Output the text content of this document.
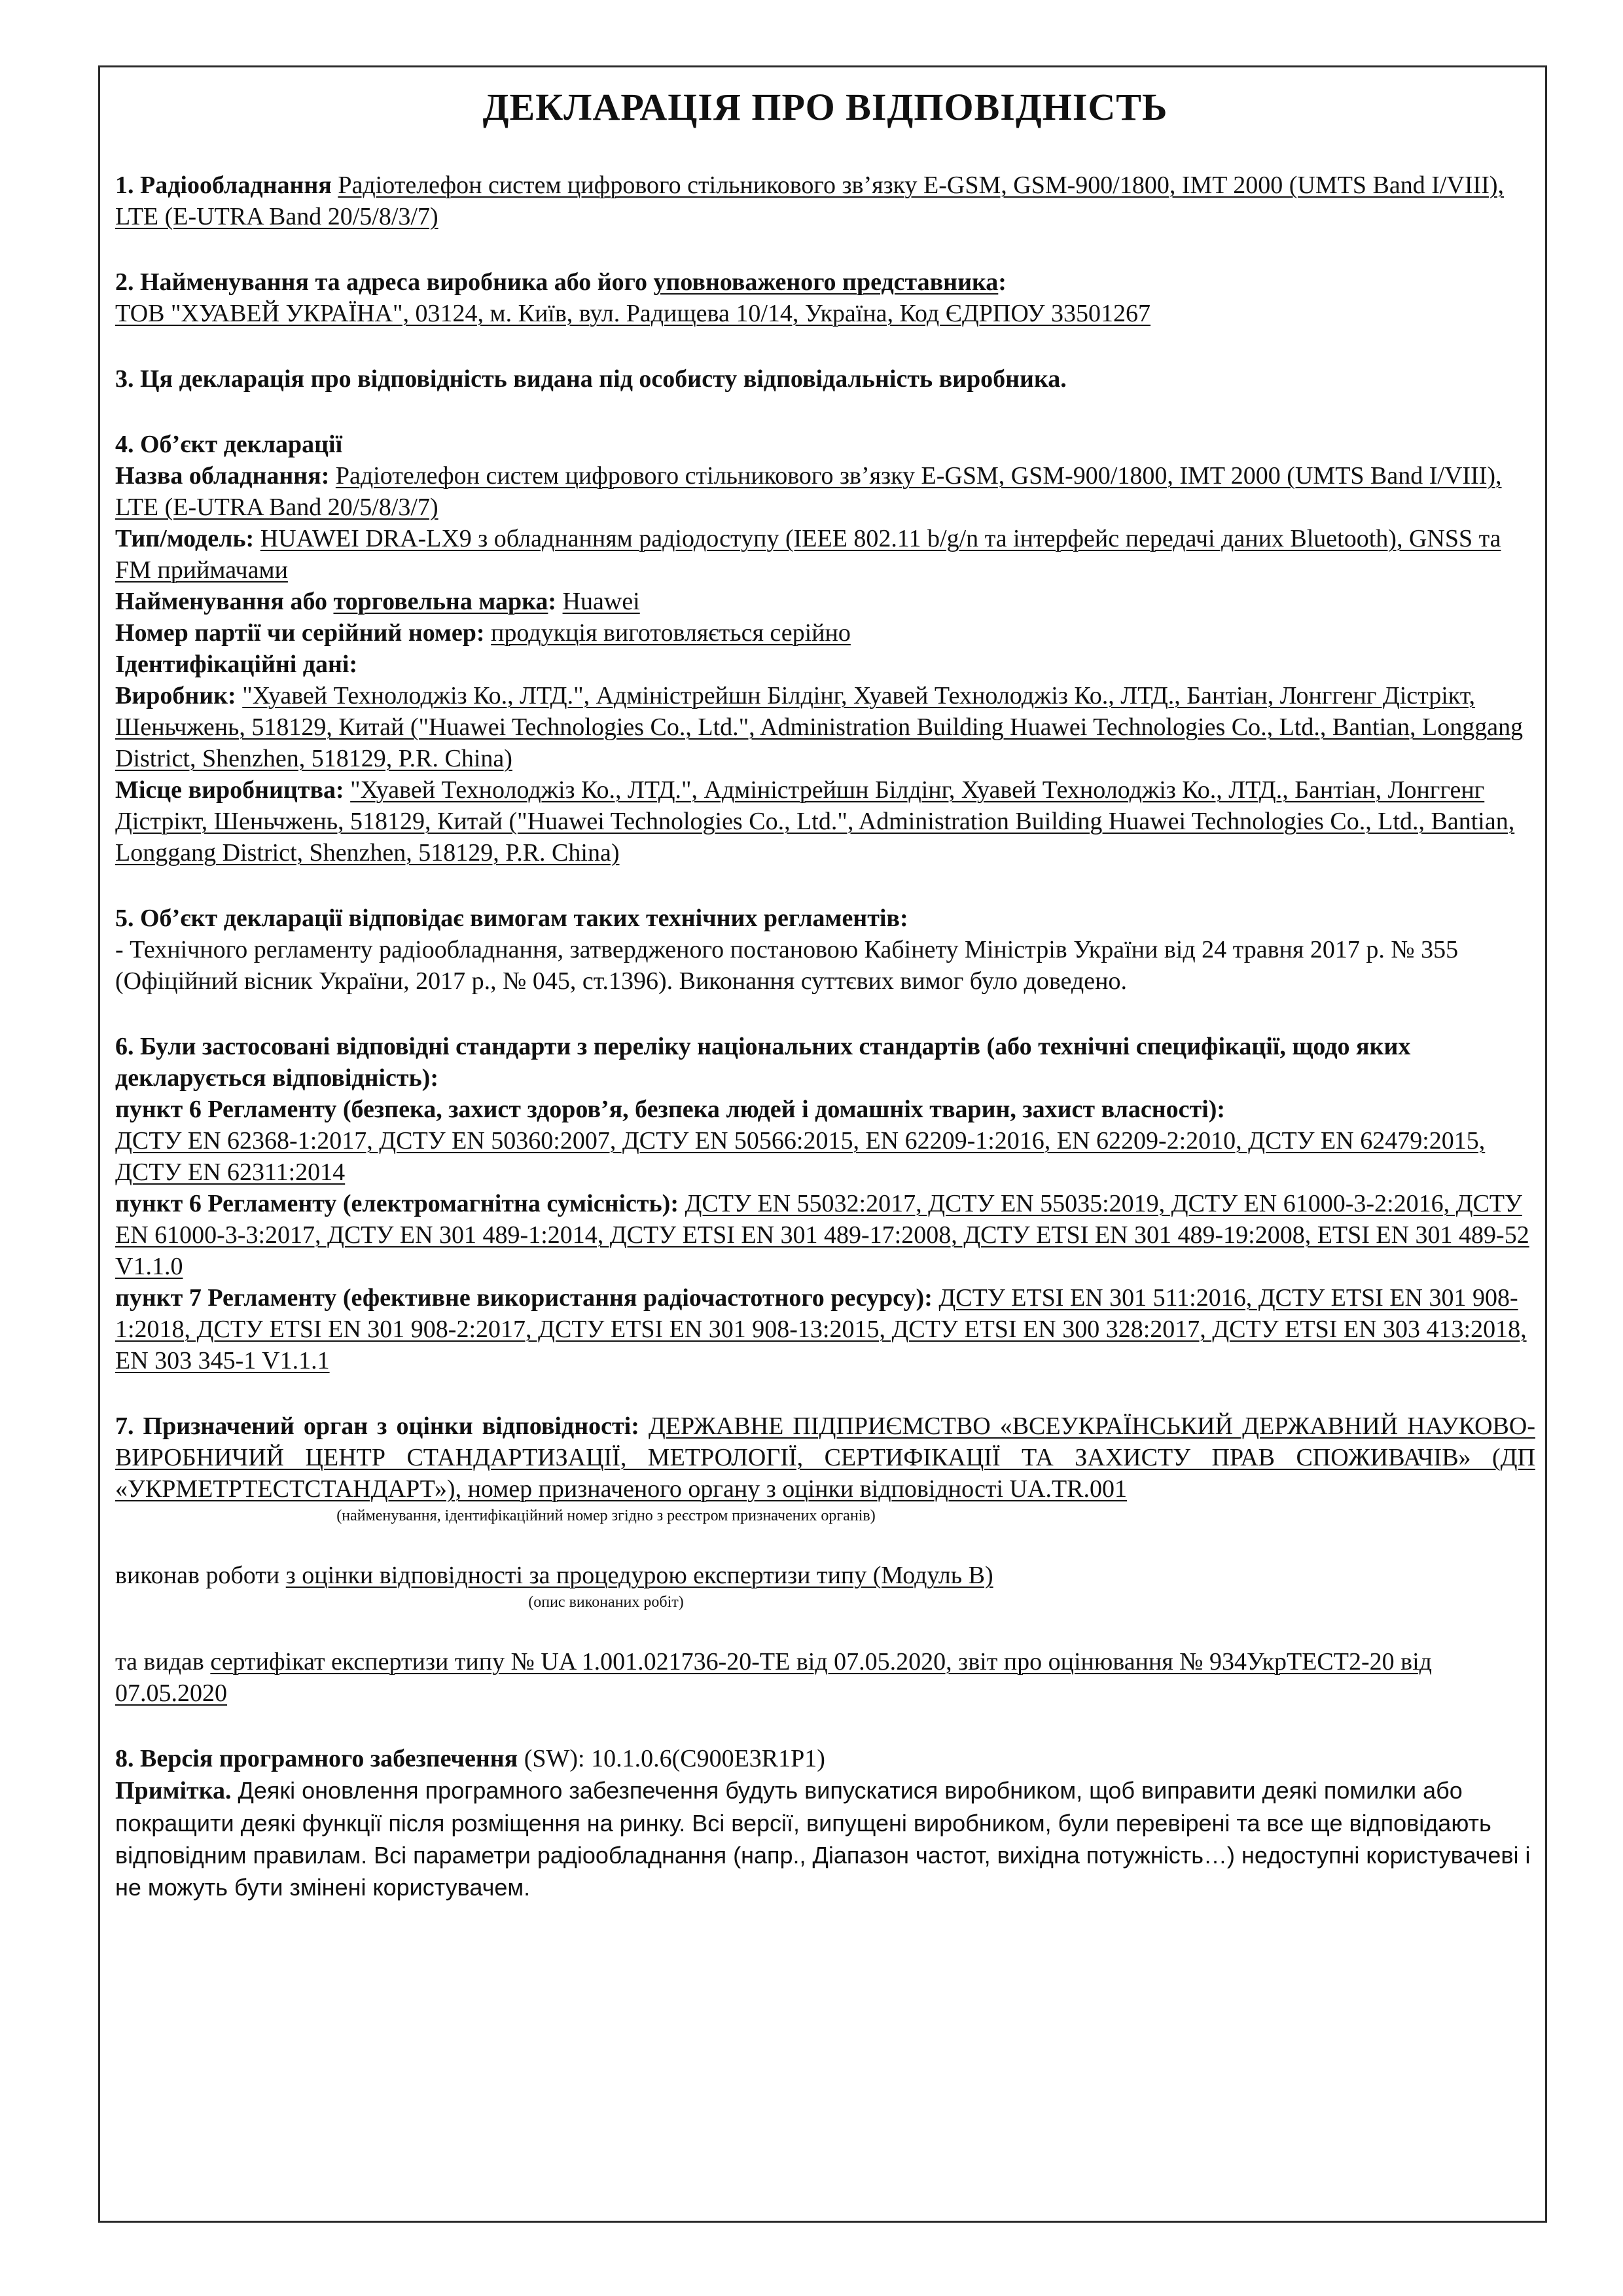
ДЕКЛАРАЦІЯ ПРО ВІДПОВІДНІСТЬ

1. Радіообладнання Радіотелефон систем цифрового стільникового зв’язку E-GSM, GSM-900/1800, IMT 2000 (UMTS Band I/VIII), LTE (E-UTRA Band 20/5/8/3/7)

2. Найменування та адреса виробника або його уповноваженого представника:
ТОВ "ХУАВЕЙ УКРАЇНА", 03124, м. Київ, вул. Радищева 10/14, Україна, Код ЄДРПОУ 33501267

3. Ця декларація про відповідність видана під особисту відповідальність виробника.

4. Об’єкт декларації

Назва обладнання: Радіотелефон систем цифрового стільникового зв’язку E-GSM, GSM-900/1800, IMT 2000 (UMTS Band I/VIII), LTE (E-UTRA Band 20/5/8/3/7)

Тип/модель: HUAWEI DRA-LX9 з обладнанням радіодоступу (IEEE 802.11 b/g/n та інтерфейс передачі даних Bluetooth), GNSS та FM приймачами

Найменування або торговельна марка: Huawei

Номер партії чи серійний номер: продукція виготовляється серійно

Ідентифікаційні дані:

Виробник: "Хуавей Технолоджіз Ко., ЛТД.", Адміністрейшн Білдінг, Хуавей Технолоджіз Ко., ЛТД., Бантіан, Лонггенг Дістрікт, Шеньчжень, 518129, Китай ("Huawei Technologies Co., Ltd.", Administration Building Huawei Technologies Co., Ltd., Bantian, Longgang District, Shenzhen, 518129, P.R. China)

Місце виробництва: "Хуавей Технолоджіз Ко., ЛТД.", Адміністрейшн Білдінг, Хуавей Технолоджіз Ко., ЛТД., Бантіан, Лонггенг Дістрікт, Шеньчжень, 518129, Китай ("Huawei Technologies Co., Ltd.", Administration Building Huawei Technologies Co., Ltd., Bantian, Longgang District, Shenzhen, 518129, P.R. China)

5. Об’єкт декларації відповідає вимогам таких технічних регламентів:

- Технічного регламенту радіообладнання, затвердженого постановою Кабінету Міністрів України від 24 травня 2017 р. № 355 (Офіційний вісник України, 2017 р., № 045, ст.1396). Виконання суттєвих вимог було доведено.

6. Були застосовані відповідні стандарти з переліку національних стандартів (або технічні специфікації, щодо яких декларується відповідність):

пункт 6 Регламенту (безпека, захист здоров’я, безпека людей і домашніх тварин, захист власності):
ДСТУ EN 62368-1:2017, ДСТУ EN 50360:2007, ДСТУ EN 50566:2015, EN 62209-1:2016, EN 62209-2:2010, ДСТУ EN 62479:2015, ДСТУ EN 62311:2014

пункт 6 Регламенту (електромагнітна сумісність): ДСТУ EN 55032:2017, ДСТУ EN 55035:2019, ДСТУ EN 61000-3-2:2016, ДСТУ EN 61000-3-3:2017, ДСТУ EN 301 489-1:2014, ДСТУ ETSI EN 301 489-17:2008, ДСТУ ETSI EN 301 489-19:2008, ETSI EN 301 489-52 V1.1.0

пункт 7 Регламенту (ефективне використання радіочастотного ресурсу): ДСТУ ETSI EN 301 511:2016, ДСТУ ETSI EN 301 908-1:2018, ДСТУ ETSI EN 301 908-2:2017, ДСТУ ETSI EN 301 908-13:2015, ДСТУ ETSI EN 300 328:2017, ДСТУ ETSI EN 303 413:2018, EN 303 345-1 V1.1.1

7. Призначений орган з оцінки відповідності: ДЕРЖАВНЕ ПІДПРИЄМСТВО «ВСЕУКРАЇНСЬКИЙ ДЕРЖАВНИЙ НАУКОВО-ВИРОБНИЧИЙ ЦЕНТР СТАНДАРТИЗАЦІЇ, МЕТРОЛОГІЇ, СЕРТИФІКАЦІЇ ТА ЗАХИСТУ ПРАВ СПОЖИВАЧІВ» (ДП «УКРМЕТРТЕСТСТАНДАРТ»), номер призначеного органу з оцінки відповідності UA.TR.001

(найменування, ідентифікаційний номер згідно з реєстром призначених органів)

виконав роботи з оцінки відповідності за процедурою експертизи типу (Модуль В)

(опис виконаних робіт)

та видав сертифікат експертизи типу № UA 1.001.021736-20-TE від 07.05.2020, звіт про оцінювання № 934УкрТЕСТ2-20 від 07.05.2020

8. Версія програмного забезпечення (SW): 10.1.0.6(C900E3R1P1)

Примітка. Деякі оновлення програмного забезпечення будуть випускатися виробником, щоб виправити деякі помилки або покращити деякі функції після розміщення на ринку. Всі версії, випущені виробником, були перевірені та все ще відповідають відповідним правилам. Всі параметри радіообладнання (напр., Діапазон частот, вихідна потужність…) недоступні користувачеві і не можуть бути змінені користувачем.
